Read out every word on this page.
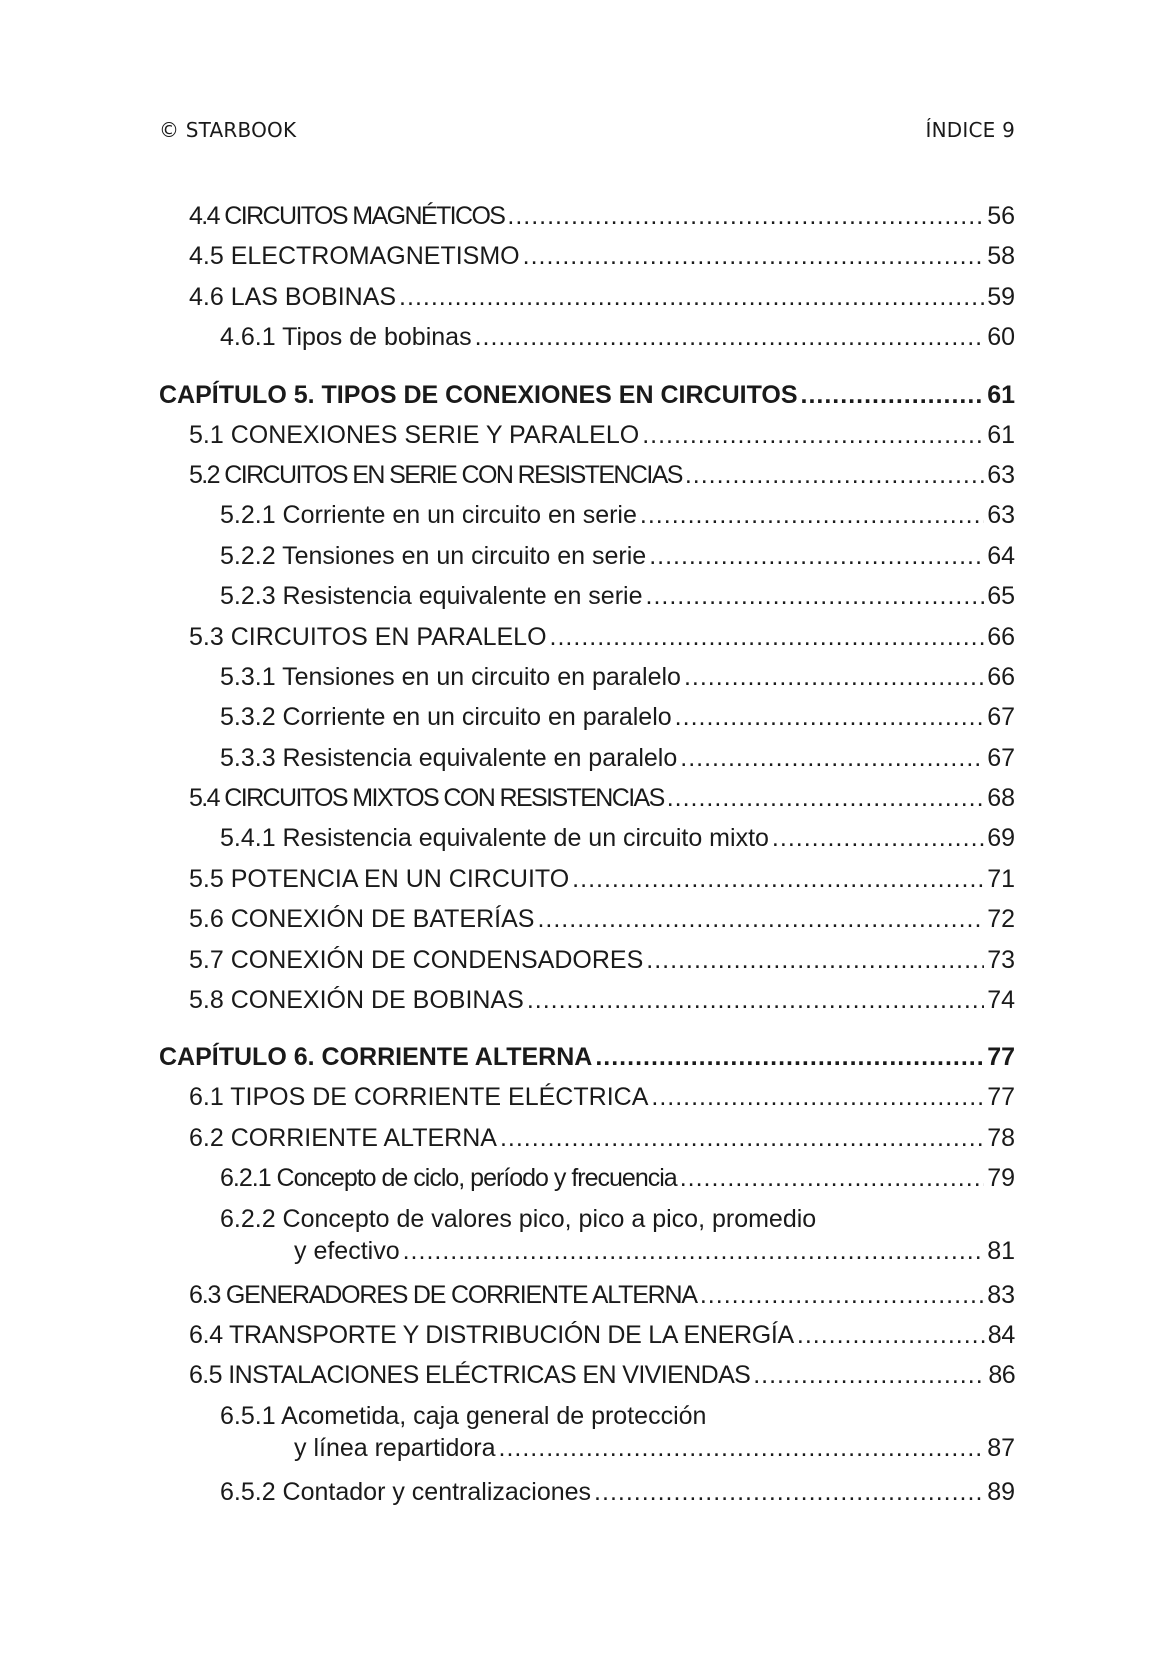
© STARBOOK	ÍNDICE 9
4.4 CIRCUITOS MAGNÉTICOS .....	56
4.5 ELECTROMAGNETISMO .....	58
4.6 LAS BOBINAS .....	59
4.6.1 Tipos de bobinas .....	60
CAPÍTULO 5. TIPOS DE CONEXIONES EN CIRCUITOS .....	61
5.1 CONEXIONES SERIE Y PARALELO .....	61
5.2 CIRCUITOS EN SERIE CON RESISTENCIAS .....	63
5.2.1 Corriente en un circuito en serie .....	63
5.2.2 Tensiones en un circuito en serie .....	64
5.2.3 Resistencia equivalente en serie .....	65
5.3 CIRCUITOS EN PARALELO .....	66
5.3.1 Tensiones en un circuito en paralelo .....	66
5.3.2 Corriente en un circuito en paralelo .....	67
5.3.3 Resistencia equivalente en paralelo .....	67
5.4 CIRCUITOS MIXTOS CON RESISTENCIAS .....	68
5.4.1 Resistencia equivalente de un circuito mixto .....	69
5.5 POTENCIA EN UN CIRCUITO .....	71
5.6 CONEXIÓN DE BATERÍAS .....	72
5.7 CONEXIÓN DE CONDENSADORES .....	73
5.8 CONEXIÓN DE BOBINAS .....	74
CAPÍTULO 6. CORRIENTE ALTERNA .....	77
6.1 TIPOS DE CORRIENTE ELÉCTRICA .....	77
6.2 CORRIENTE ALTERNA .....	78
6.2.1 Concepto de ciclo, período y frecuencia .....	79
6.2.2 Concepto de valores pico, pico a pico, promedio
y efectivo .....	81
6.3 GENERADORES DE CORRIENTE ALTERNA .....	83
6.4 TRANSPORTE Y DISTRIBUCIÓN DE LA ENERGÍA .....	84
6.5 INSTALACIONES ELÉCTRICAS EN VIVIENDAS .....	86
6.5.1 Acometida, caja general de protección
y línea repartidora .....	87
6.5.2 Contador y centralizaciones .....	89
